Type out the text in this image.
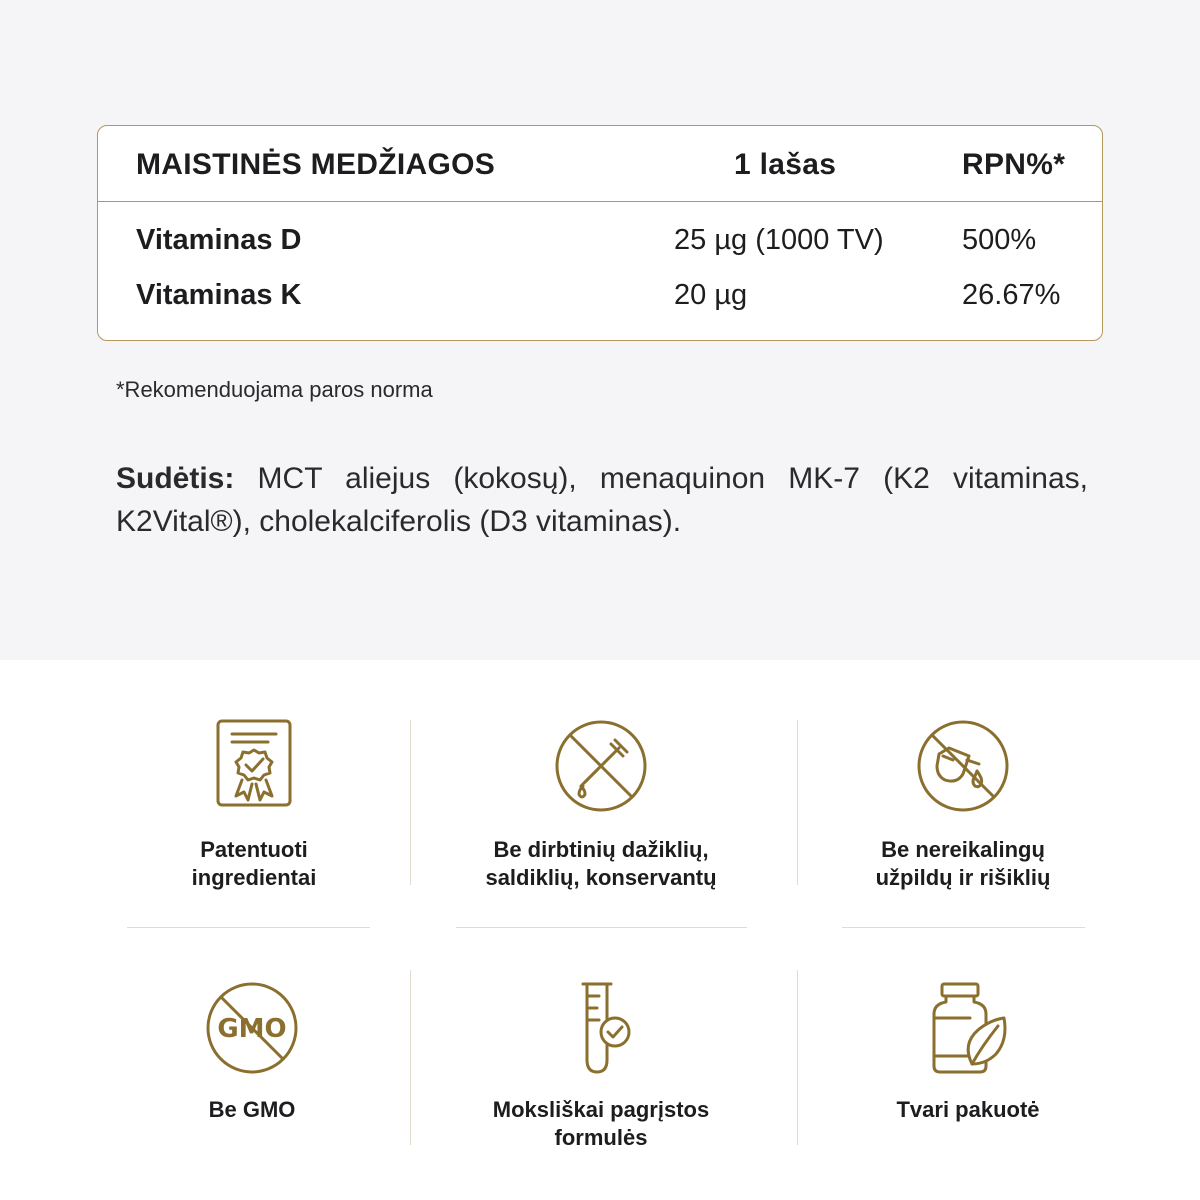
MAISTINĖS MEDŽIAGOS	1 lašas	RPN%*
Vitaminas D	25 µg (1000 TV)	500%
Vitaminas K	20 µg	26.67%
*Rekomenduojama paros norma
Sudėtis: MCT aliejus (kokosų), menaquinon MK-7 (K2 vitaminas, K2Vital®), cholekalciferolis (D3 vitaminas).
Patentuoti
ingredientai
Be dirbtinių dažiklių,
saldiklių, konservantų
Be nereikalingų
užpildų ir rišiklių
GMO
Be GMO	Moksliškai pagrįstos
formulės
Tvari pakuotė
